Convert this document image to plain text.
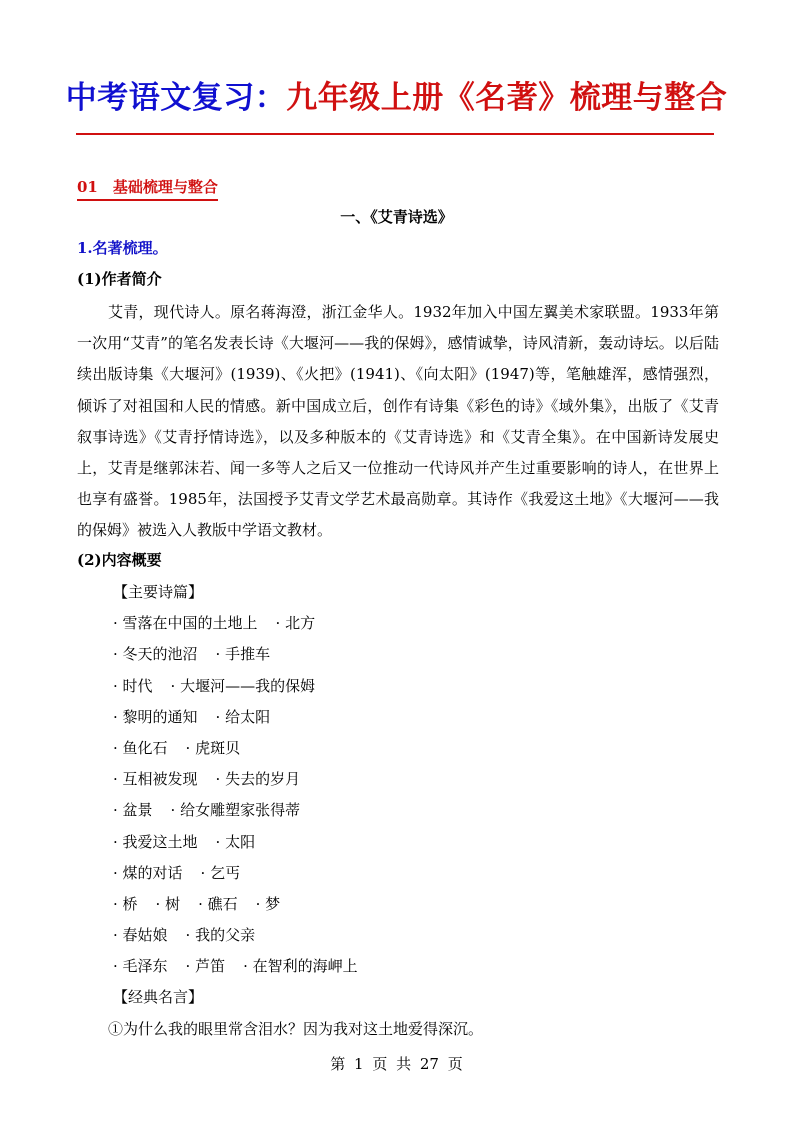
中考语文复习：九年级上册《名著》梳理与整合
01　基础梳理与整合
一、《艾青诗选》
1.名著梳理。
(1)作者简介
艾青，现代诗人。原名蒋海澄，浙江金华人。1932年加入中国左翼美术家联盟。1933年第一次用“艾青”的笔名发表长诗《大堰河——我的保姆》，感情诚挚，诗风清新，轰动诗坛。以后陆续出版诗集《大堰河》(1939)、《火把》(1941)、《向太阳》(1947)等，笔触雄浑，感情强烈，倾诉了对祖国和人民的情感。新中国成立后，创作有诗集《彩色的诗》《域外集》，出版了《艾青叙事诗选》《艾青抒情诗选》，以及多种版本的《艾青诗选》和《艾青全集》。在中国新诗发展史上，艾青是继郭沫若、闻一多等人之后又一位推动一代诗风并产生过重要影响的诗人，在世界上也享有盛誉。1985年，法国授予艾青文学艺术最高勋章。其诗作《我爱这土地》《大堰河——我的保姆》被选入人教版中学语文教材。
(2)内容概要
【主要诗篇】
· 雪落在中国的土地上 · 北方
· 冬天的池沼 · 手推车
· 时代 · 大堰河——我的保姆
· 黎明的通知 · 给太阳
· 鱼化石 · 虎斑贝
· 互相被发现 · 失去的岁月
· 盆景 · 给女雕塑家张得蒂
· 我爱这土地 · 太阳
· 煤的对话 · 乞丐
· 桥 · 树 · 礁石 · 梦
· 春姑娘 · 我的父亲
· 毛泽东 · 芦笛 · 在智利的海岬上
【经典名言】
①为什么我的眼里常含泪水？因为我对这土地爱得深沉。
第 1 页 共 27 页
